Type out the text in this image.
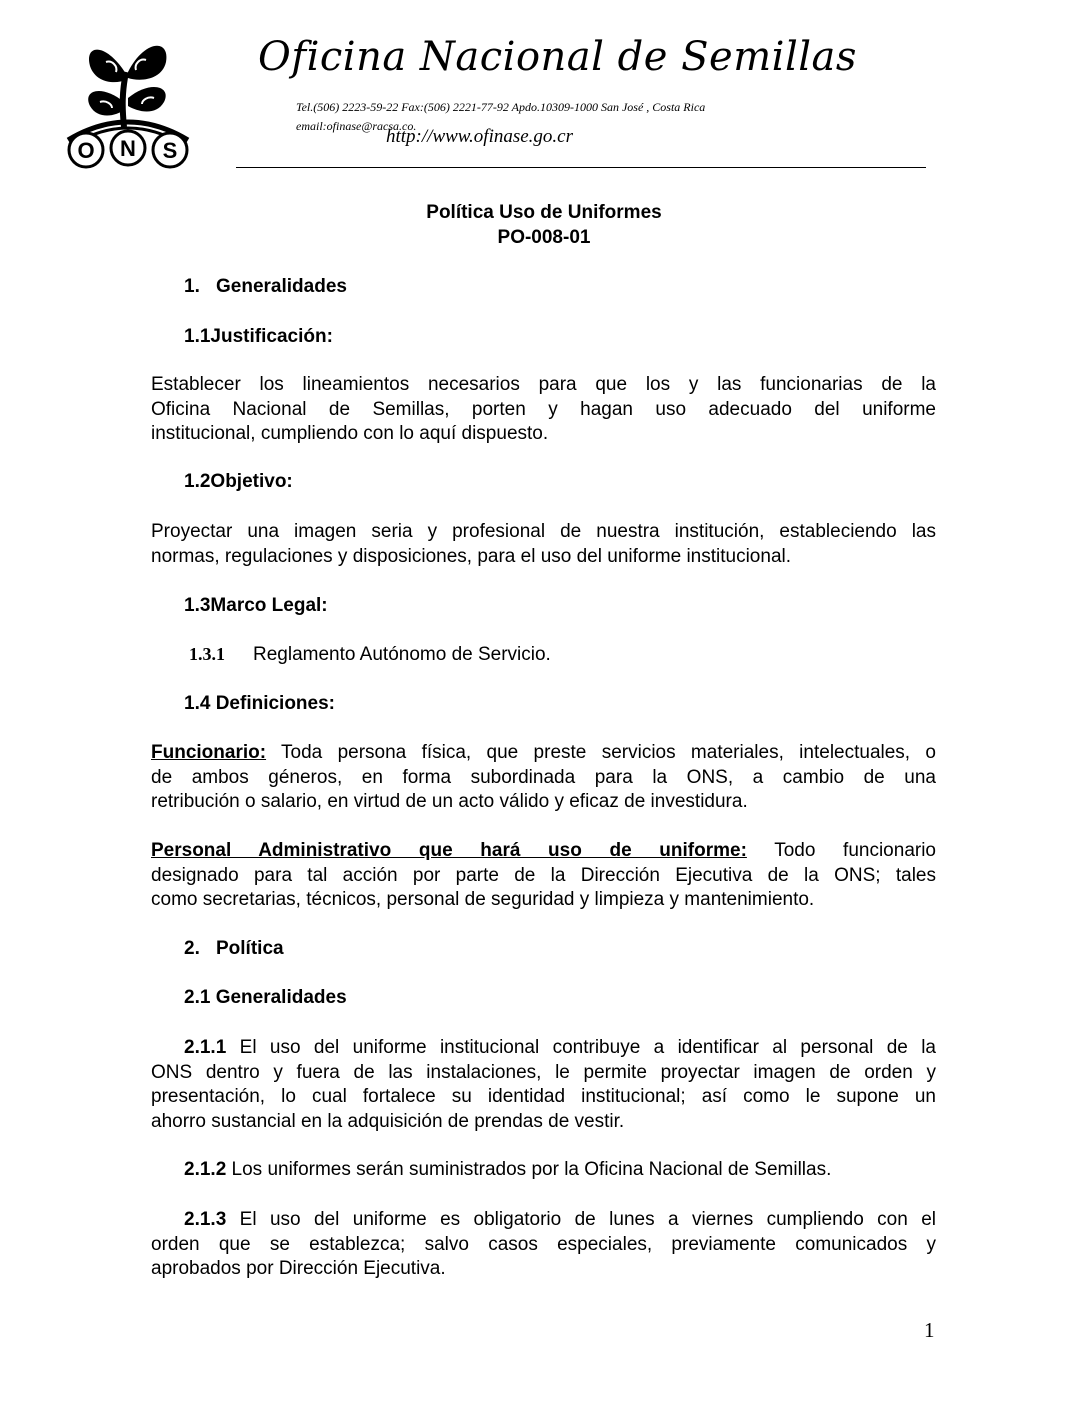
O N S
Oficina Nacional de Semillas
Tel.(506) 2223-59-22 Fax:(506) 2221-77-92 Apdo.10309-1000 San José , Costa Rica
email:ofinase@racsa.co.
http://www.ofinase.go.cr
Política Uso de Uniformes
PO-008-01
1. Generalidades
1.1Justificación:
Establecer los lineamientos necesarios para que los y las funcionarias de la
Oficina Nacional de Semillas, porten y hagan uso adecuado del uniforme
institucional, cumpliendo con lo aquí dispuesto.
1.2Objetivo:
Proyectar una imagen seria y profesional de nuestra institución, estableciendo las
normas, regulaciones y disposiciones, para el uso del uniforme institucional.
1.3Marco Legal:
1.3.1 Reglamento Autónomo de Servicio.
1.4 Definiciones:
Funcionario: Toda persona física, que preste servicios materiales, intelectuales, o
de ambos géneros, en forma subordinada para la ONS, a cambio de una
retribución o salario, en virtud de un acto válido y eficaz de investidura.
Personal Administrativo que hará uso de uniforme: Todo funcionario
designado para tal acción por parte de la Dirección Ejecutiva de la ONS; tales
como secretarias, técnicos, personal de seguridad y limpieza y mantenimiento.
2. Política
2.1 Generalidades
2.1.1 El uso del uniforme institucional contribuye a identificar al personal de la
ONS dentro y fuera de las instalaciones, le permite proyectar imagen de orden y
presentación, lo cual fortalece su identidad institucional; así como le supone un
ahorro sustancial en la adquisición de prendas de vestir.
2.1.2 Los uniformes serán suministrados por la Oficina Nacional de Semillas.
2.1.3 El uso del uniforme es obligatorio de lunes a viernes cumpliendo con el
orden que se establezca; salvo casos especiales, previamente comunicados y
aprobados por Dirección Ejecutiva.
1
